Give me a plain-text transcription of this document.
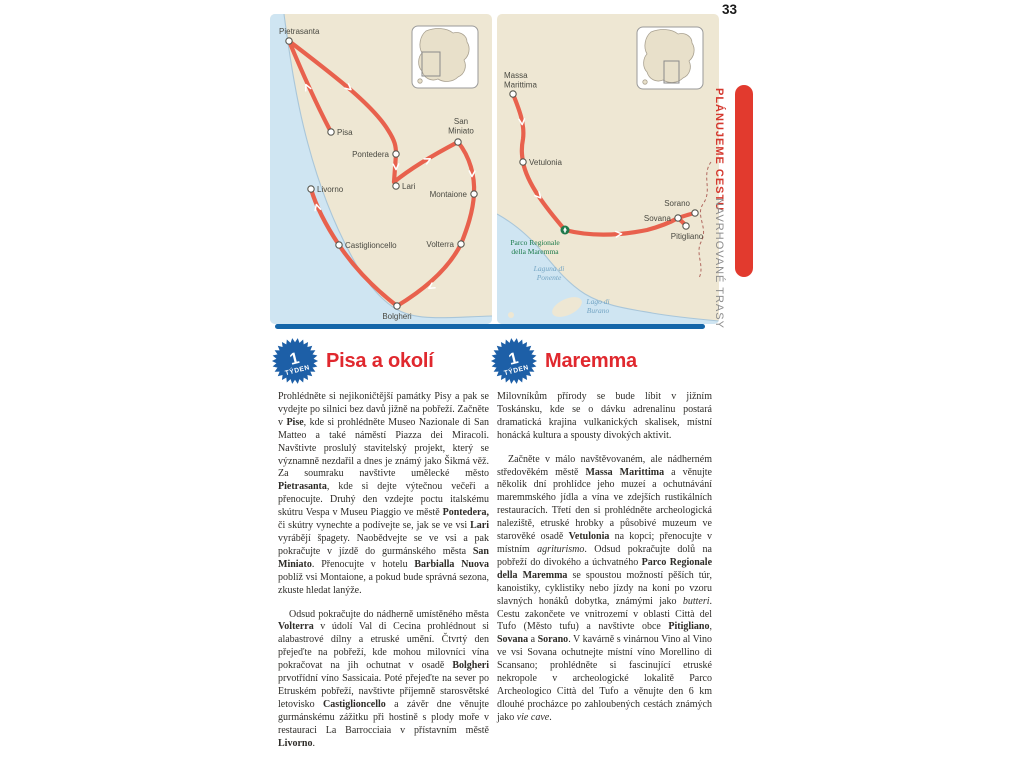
33
Pietrasanta
Pisa
Pontedera
San
Miniato
Lari
Livorno
Montaione
Castiglioncello	Volterra
Bolgheri
Parco Regionale
della Maremma
Laguna di
Ponente
Lago di
Burano
Massa
Marittima
Vetulonia
Sorano
Sovana
Pitigliano
1
TÝDEN Pisa a okolí

Prohlédněte si nejikoničtější památky Pisy a pak se vydejte po silnici bez davů jižně na pobřeží. Začněte v Pise, kde si prohlédněte Museo Nazionale di San Matteo a také náměstí Piazza dei Miracoli. Navštivte proslulý stavitelský projekt, který se významně nezdařil a dnes je známý jako Šikmá věž. Za soumraku navštivte umělecké město Pietrasanta, kde si dejte výtečnou večeři a přenocujte. Druhý den vzdejte poctu italskému skútru Vespa v Museu Piaggio ve městě Pontedera, či skútry vynechte a podívejte se, jak se ve vsi Lari vyrábějí špagety. Naobědvejte se ve vsi a pak pokračujte v jízdě do gurmánského města San Miniato. Přenocujte v hotelu Barbialla Nuova poblíž vsi Montaione, a pokud bude správná sezona, zkuste hledat lanýže.

Odsud pokračujte do nádherně umístěného města Volterra v údolí Val di Cecina prohlédnout si alabastrové dílny a etruské umění. Čtvrtý den přejeďte na pobřeží, kde mohou milovníci vína pokračovat na jih ochutnat v osadě Bolgheri prvotřídní víno Sassicaia. Poté přejeďte na sever po Etruském pobřeží, navštivte příjemně starosvětské letovisko Castiglioncello a závěr dne věnujte gurmánskému zážitku při hostině s plody moře v restauraci La Barrocciaia v přístavním městě Livorno.

1
TÝDEN Maremma

Milovníkům přírody se bude líbit v jižním Toskánsku, kde se o dávku adrenalinu postará dramatická krajina vulkanických skalisek, místní honácká kultura a spousty divokých aktivit.

Začněte v málo navštěvovaném, ale nádherném středověkém městě Massa Marittima a věnujte několik dní prohlídce jeho muzeí a ochutnávání maremmského jídla a vína ve zdejších rustikálních restauracích. Třetí den si prohlédněte archeologická naleziště, etruské hrobky a působivé muzeum ve starověké osadě Vetulonia na kopci; přenocujte v místním agriturismo. Odsud pokračujte dolů na pobřeží do divokého a úchvatného Parco Regionale della Maremma se spoustou možností pěších túr, kanoistiky, cyklistiky nebo jízdy na koni po vzoru slavných honáků dobytka, známými jako butteri. Cestu zakončete ve vnitrozemí v oblasti Città del Tufo (Město tufu) a navštivte obce Pitigliano, Sovana a Sorano. V kavárně s vinárnou Vino al Vino ve vsi Sovana ochutnejte místní víno Morellino di Scansano; prohlédněte si fascinující etruské nekropole v archeologické lokalitě Parco Archeologico Città del Tufo a věnujte den 6 km dlouhé procházce po zahloubených cestách známých jako vie cave.

PLÁNUJEME CESTU
NAVRHOVANÉ TRASY
